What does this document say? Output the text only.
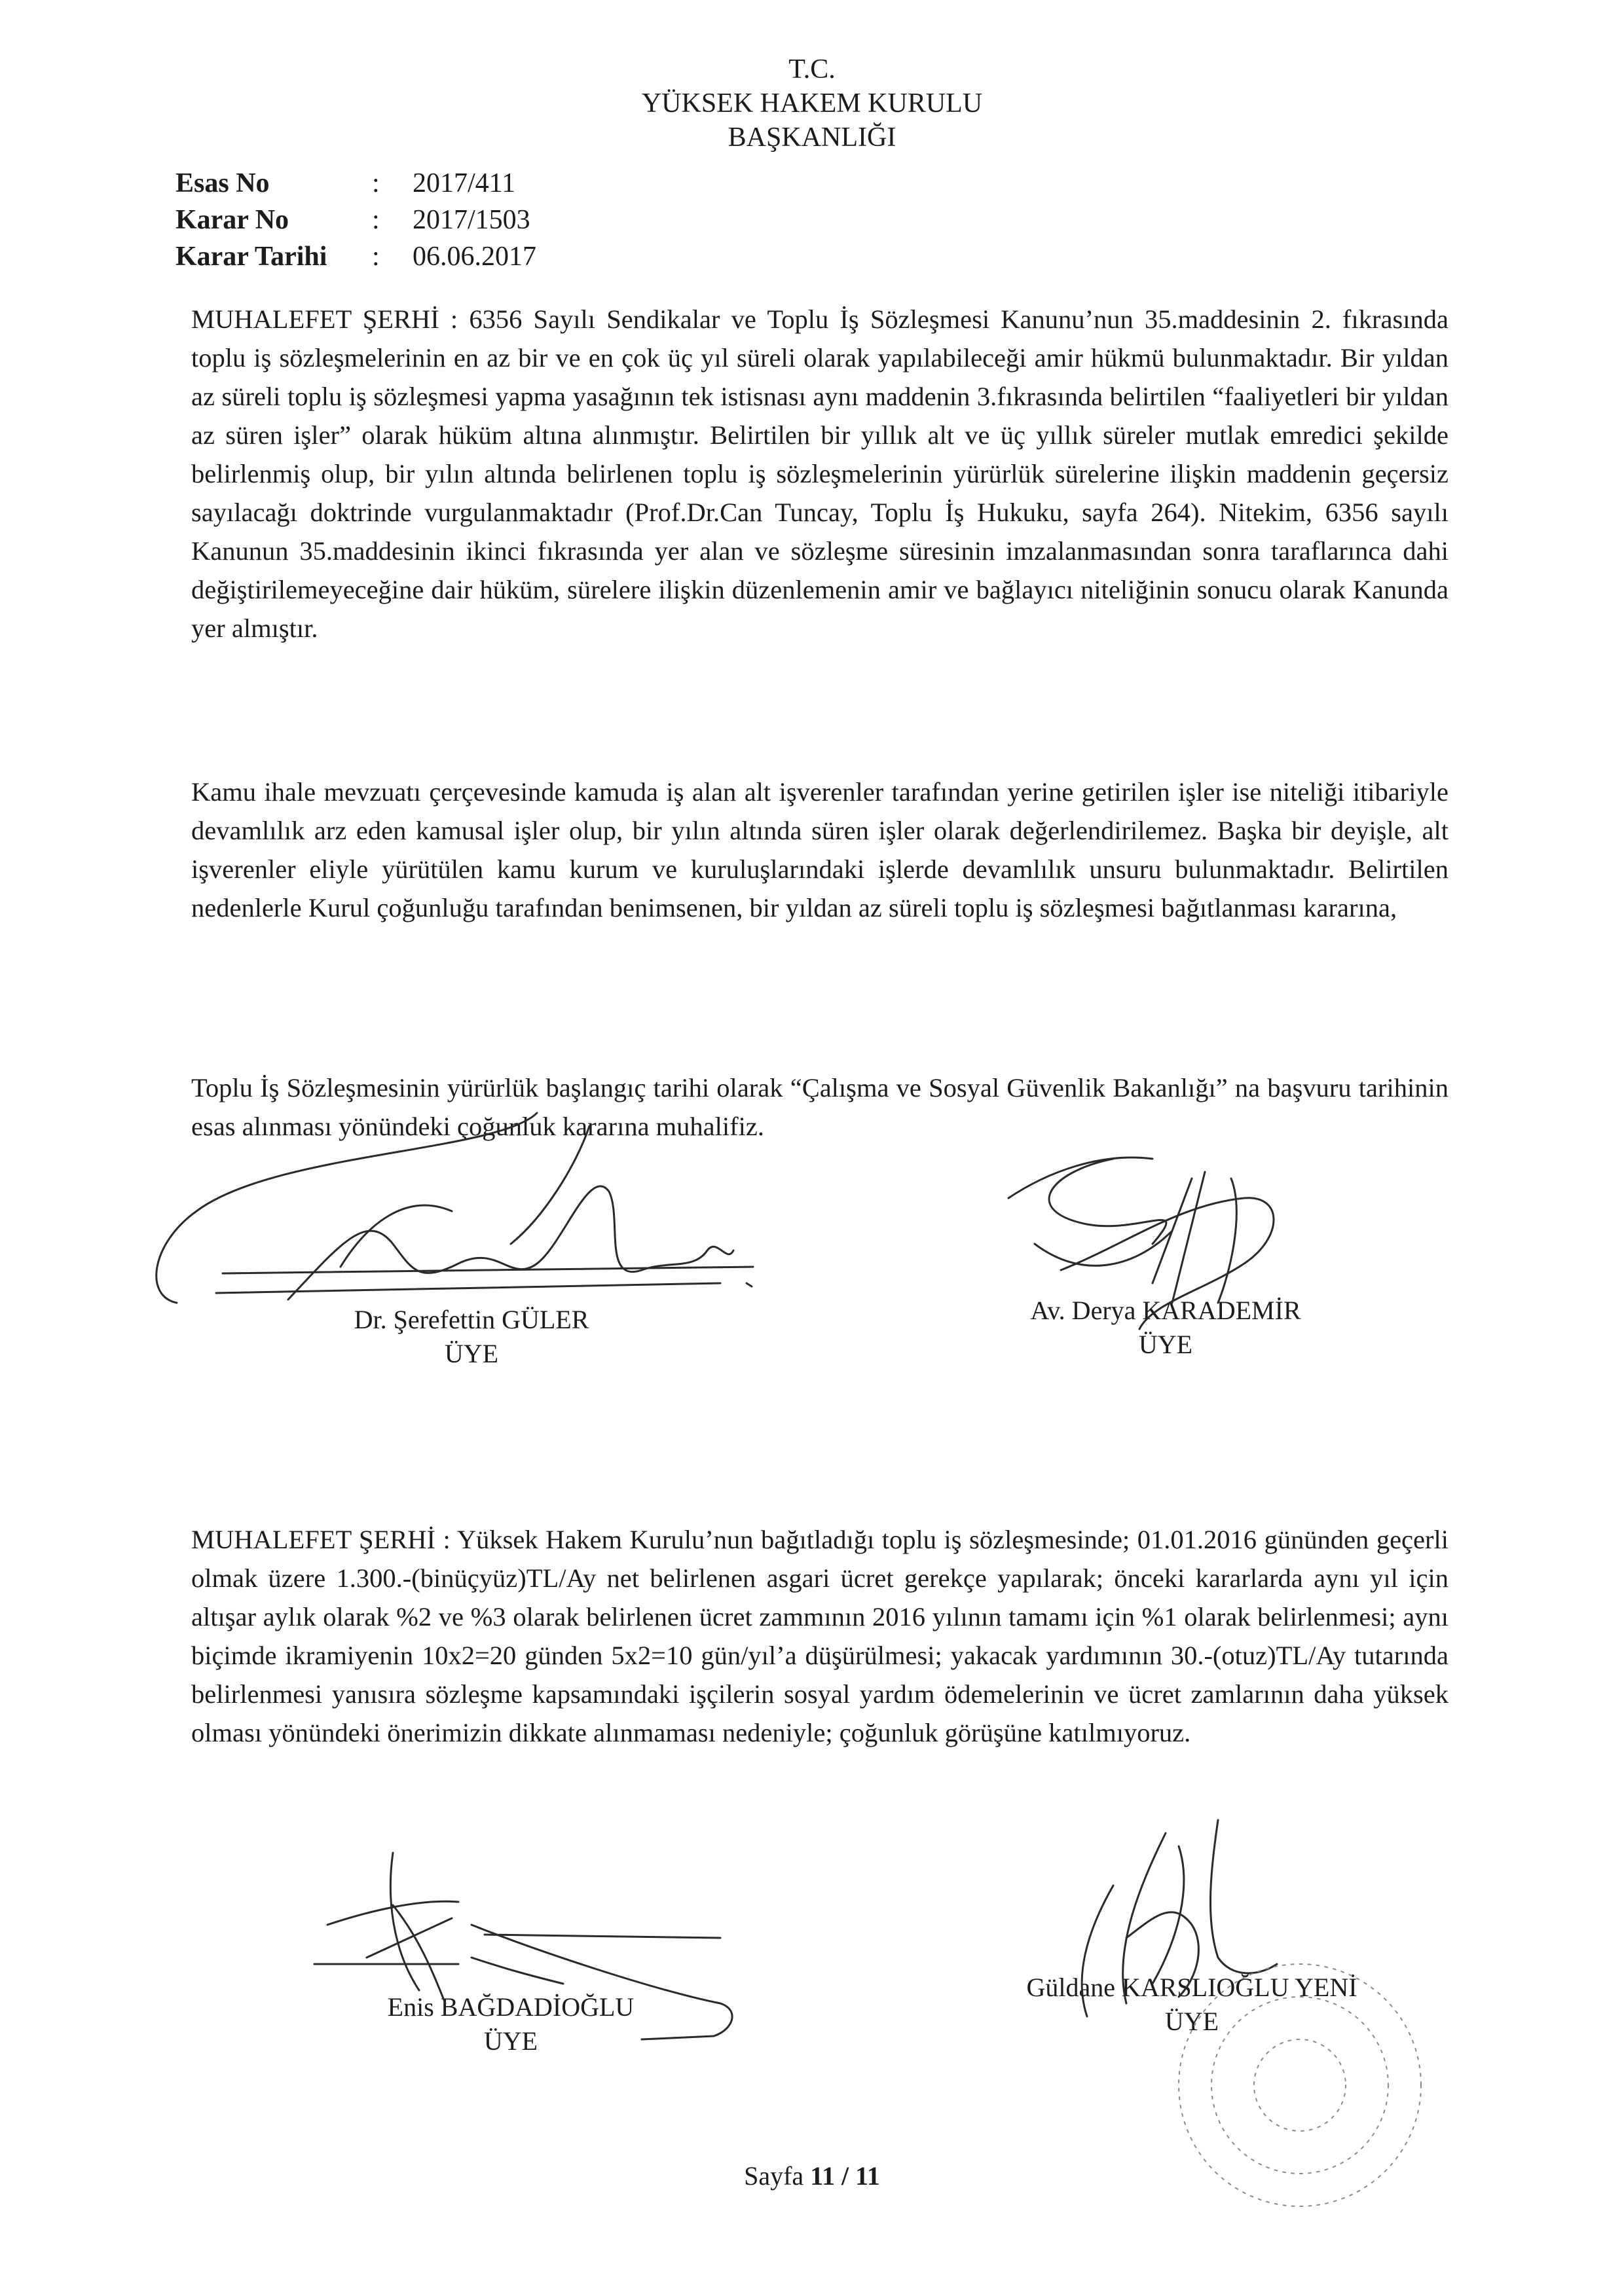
T.C.
YÜKSEK HAKEM KURULU
BAŞKANLIĞI
Esas No	:	2017/411
Karar No	:	2017/1503
Karar Tarihi	:	06.06.2017

MUHALEFET ŞERHİ : 6356 Sayılı Sendikalar ve Toplu İş Sözleşmesi Kanunu’nun 35.maddesinin 2. fıkrasında toplu iş sözleşmelerinin en az bir ve en çok üç yıl süreli olarak yapılabileceği amir hükmü bulunmaktadır. Bir yıldan az süreli toplu iş sözleşmesi yapma yasağının tek istisnası aynı maddenin 3.fıkrasında belirtilen “faaliyetleri bir yıldan az süren işler” olarak hüküm altına alınmıştır. Belirtilen bir yıllık alt ve üç yıllık süreler mutlak emredici şekilde belirlenmiş olup, bir yılın altında belirlenen toplu iş sözleşmelerinin yürürlük sürelerine ilişkin maddenin geçersiz sayılacağı doktrinde vurgulanmaktadır (Prof.Dr.Can Tuncay, Toplu İş Hukuku, sayfa 264). Nitekim, 6356 sayılı Kanunun 35.maddesinin ikinci fıkrasında yer alan ve sözleşme süresinin imzalanmasından sonra taraflarınca dahi değiştirilemeyeceğine dair hüküm, sürelere ilişkin düzenlemenin amir ve bağlayıcı niteliğinin sonucu olarak Kanunda yer almıştır.

Kamu ihale mevzuatı çerçevesinde kamuda iş alan alt işverenler tarafından yerine getirilen işler ise niteliği itibariyle devamlılık arz eden kamusal işler olup, bir yılın altında süren işler olarak değerlendirilemez. Başka bir deyişle, alt işverenler eliyle yürütülen kamu kurum ve kuruluşlarındaki işlerde devamlılık unsuru bulunmaktadır. Belirtilen nedenlerle Kurul çoğunluğu tarafından benimsenen, bir yıldan az süreli toplu iş sözleşmesi bağıtlanması kararına,

Toplu İş Sözleşmesinin yürürlük başlangıç tarihi olarak “Çalışma ve Sosyal Güvenlik Bakanlığı” na başvuru tarihinin esas alınması yönündeki çoğunluk kararına muhalifiz.

Dr. Şerefettin GÜLER
ÜYE
Av. Derya KARADEMİR
ÜYE

MUHALEFET ŞERHİ : Yüksek Hakem Kurulu’nun bağıtladığı toplu iş sözleşmesinde; 01.01.2016 gününden geçerli olmak üzere 1.300.-(binüçyüz)TL/Ay net belirlenen asgari ücret gerekçe yapılarak; önceki kararlarda aynı yıl için altışar aylık olarak %2 ve %3 olarak belirlenen ücret zammının 2016 yılının tamamı için %1 olarak belirlenmesi; aynı biçimde ikramiyenin 10x2=20 günden 5x2=10 gün/yıl’a düşürülmesi; yakacak yardımının 30.-(otuz)TL/Ay tutarında belirlenmesi yanısıra sözleşme kapsamındaki işçilerin sosyal yardım ödemelerinin ve ücret zamlarının daha yüksek olması yönündeki önerimizin dikkate alınmaması nedeniyle; çoğunluk görüşüne katılmıyoruz.

Enis BAĞDADİOĞLU
ÜYE
Güldane KARSLIOĞLU YENİ
ÜYE
Sayfa 11 / 11
